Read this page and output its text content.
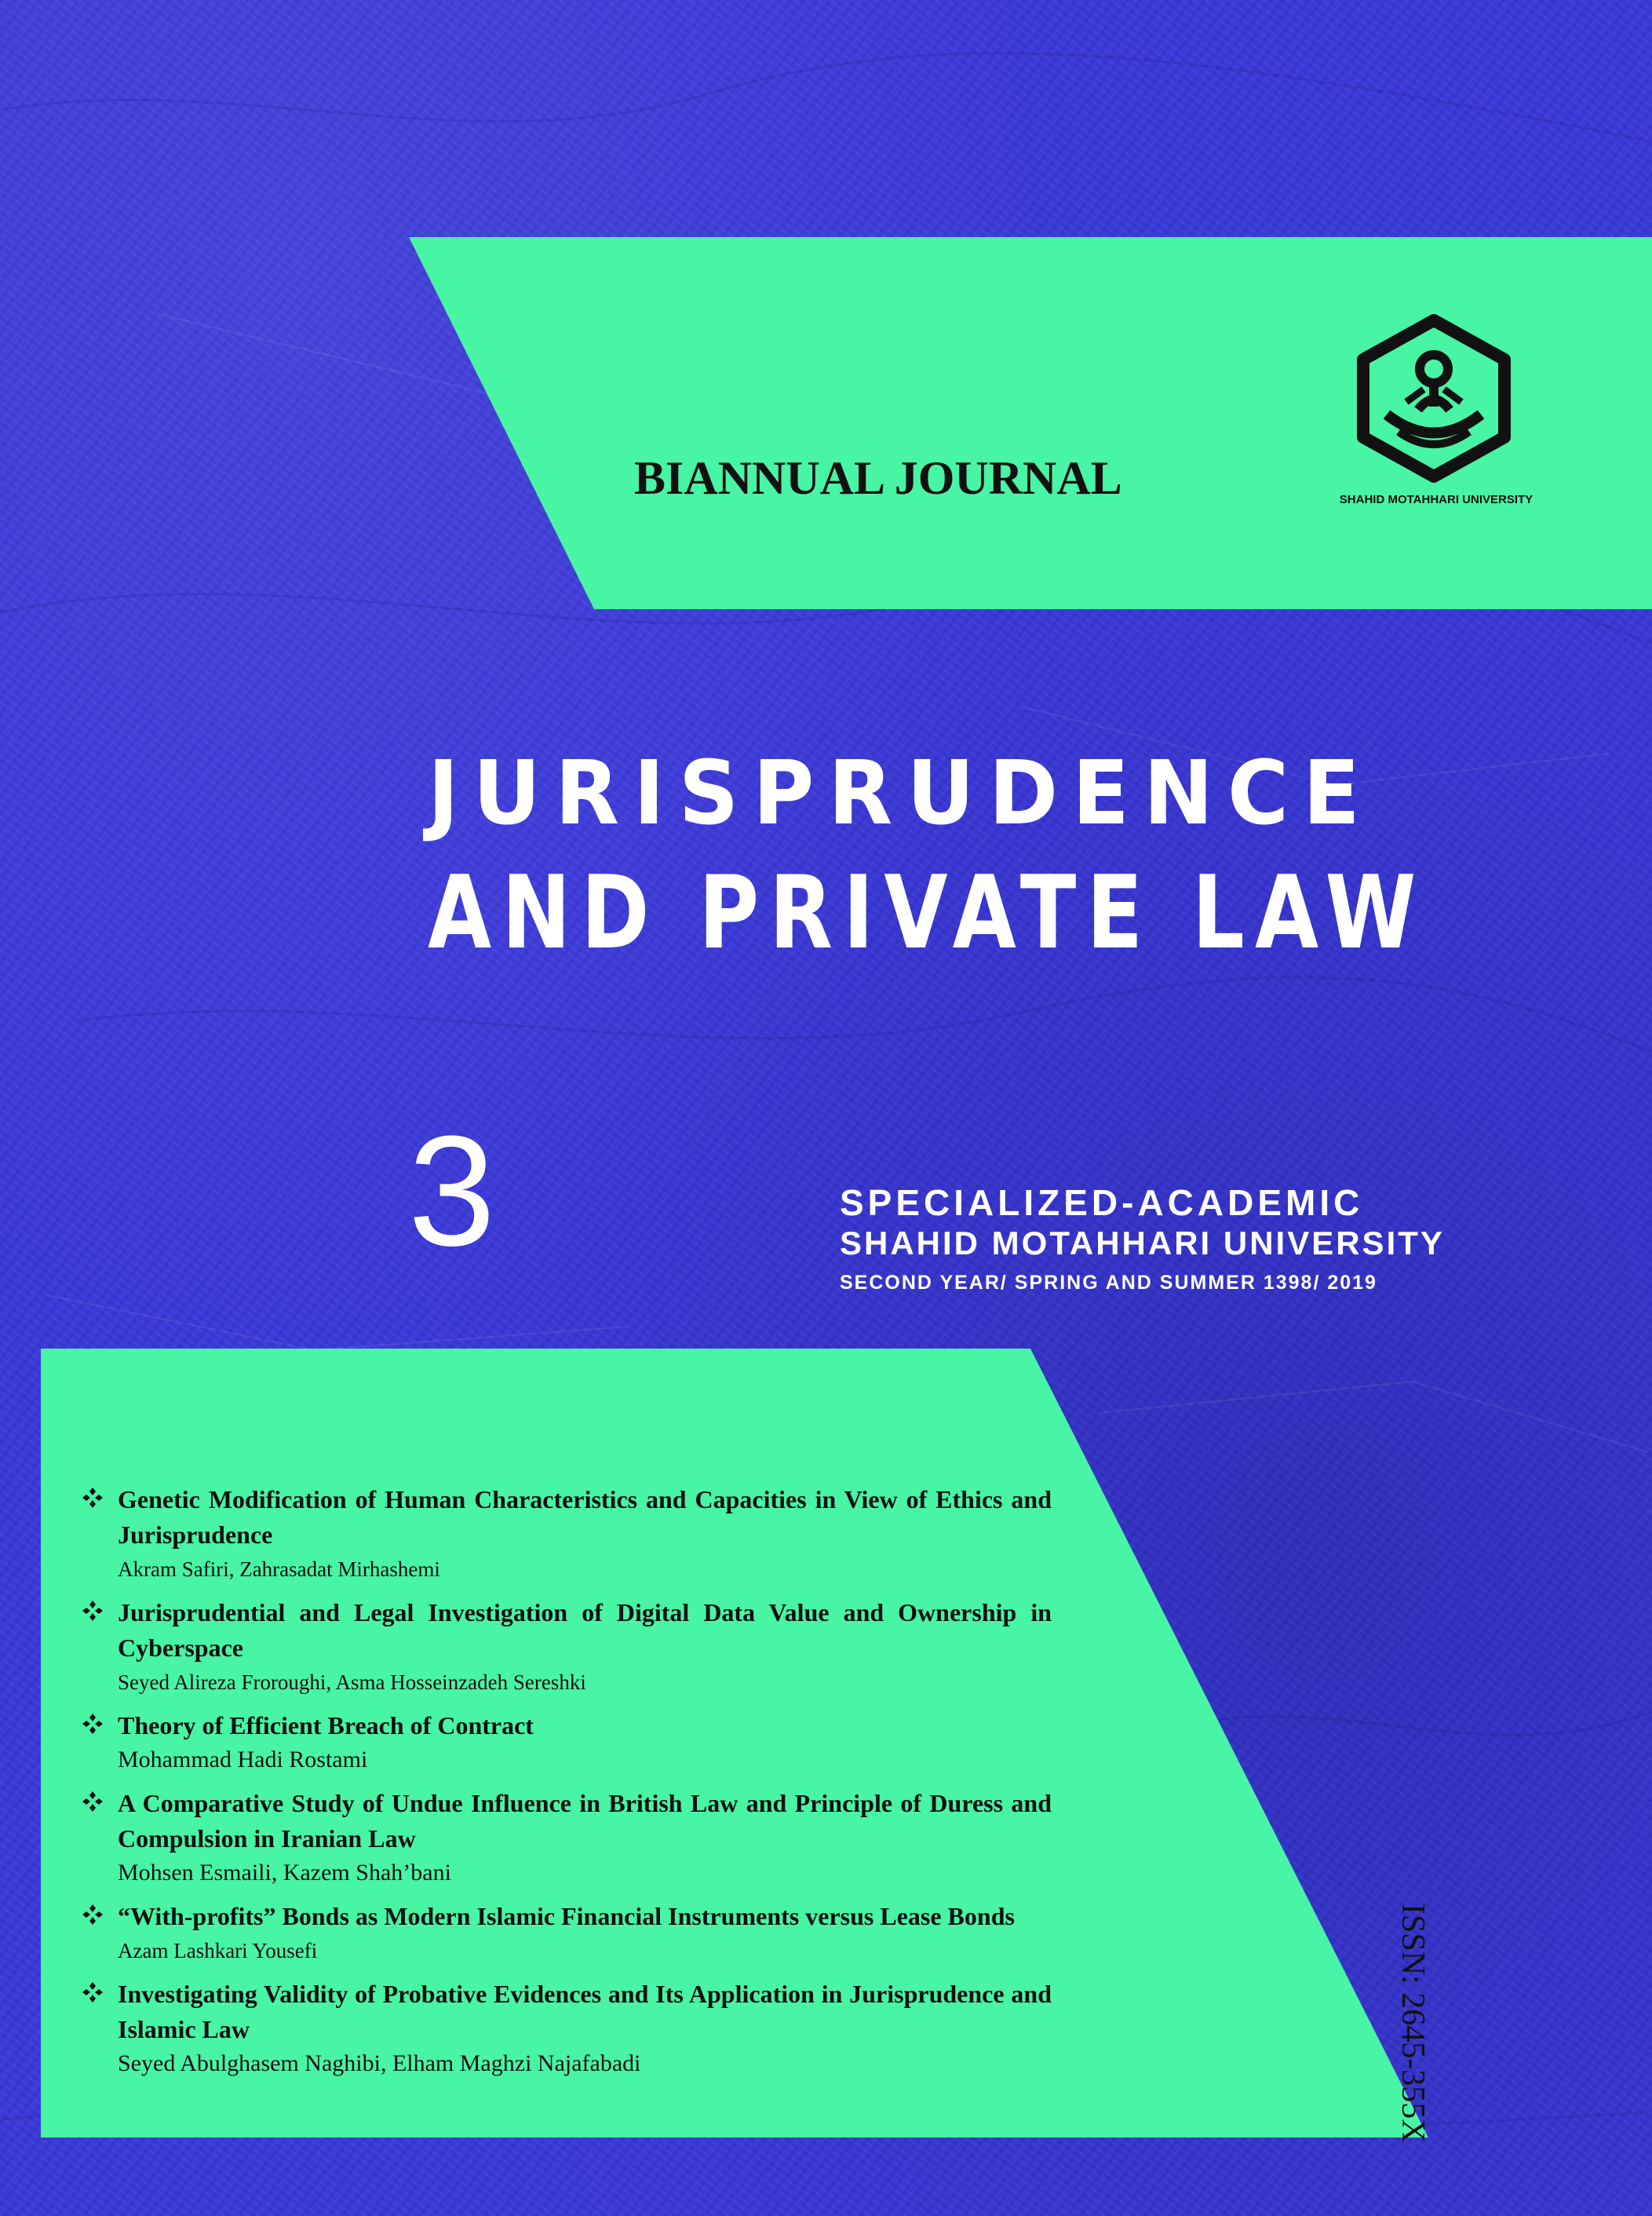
BIANNUAL JOURNAL	SHAHID MOTAHHARI UNIVERSITY
JURISPRUDENCE
AND PRIVATE LAW
3	SPECIALIZED-ACADEMIC
SHAHID MOTAHHARI UNIVERSITY
SECOND YEAR/ SPRING AND SUMMER 1398/ 2019
Genetic Modification of Human Characteristics and Capacities in View of Ethics and Jurisprudence
Akram Safiri, Zahrasadat Mirhashemi
Jurisprudential and Legal Investigation of Digital Data Value and Ownership in Cyberspace
Seyed Alireza Froroughi, Asma Hosseinzadeh Sereshki
Theory of Efficient Breach of Contract
Mohammad Hadi Rostami
A Comparative Study of Undue Influence in British Law and Principle of Duress and Compulsion in Iranian Law
Mohsen Esmaili, Kazem Shah’bani
“With-profits” Bonds as Modern Islamic Financial Instruments versus Lease Bonds
Azam Lashkari Yousefi
Investigating Validity of Probative Evidences and Its Application in Jurisprudence and Islamic Law
Seyed Abulghasem Naghibi, Elham Maghzi Najafabadi	ISSN: 2645-355X
